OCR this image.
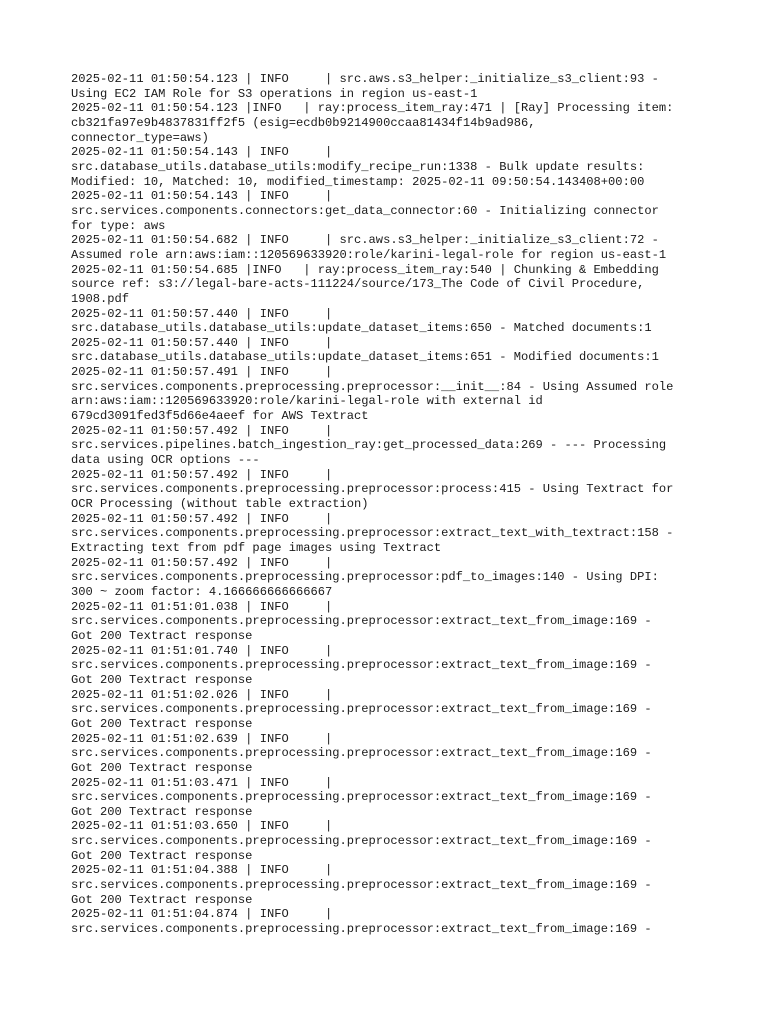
2025-02-11 01:50:54.123 | INFO     | src.aws.s3_helper:_initialize_s3_client:93 -
Using EC2 IAM Role for S3 operations in region us-east-1
2025-02-11 01:50:54.123 |INFO   | ray:process_item_ray:471 | [Ray] Processing item:
cb321fa97e9b4837831ff2f5 (esig=ecdb0b9214900ccaa81434f14b9ad986,
connector_type=aws)
2025-02-11 01:50:54.143 | INFO     |
src.database_utils.database_utils:modify_recipe_run:1338 - Bulk update results:
Modified: 10, Matched: 10, modified_timestamp: 2025-02-11 09:50:54.143408+00:00
2025-02-11 01:50:54.143 | INFO     |
src.services.components.connectors:get_data_connector:60 - Initializing connector
for type: aws
2025-02-11 01:50:54.682 | INFO     | src.aws.s3_helper:_initialize_s3_client:72 -
Assumed role arn:aws:iam::120569633920:role/karini-legal-role for region us-east-1
2025-02-11 01:50:54.685 |INFO   | ray:process_item_ray:540 | Chunking & Embedding
source ref: s3://legal-bare-acts-111224/source/173_The Code of Civil Procedure,
1908.pdf
2025-02-11 01:50:57.440 | INFO     |
src.database_utils.database_utils:update_dataset_items:650 - Matched documents:1
2025-02-11 01:50:57.440 | INFO     |
src.database_utils.database_utils:update_dataset_items:651 - Modified documents:1
2025-02-11 01:50:57.491 | INFO     |
src.services.components.preprocessing.preprocessor:__init__:84 - Using Assumed role
arn:aws:iam::120569633920:role/karini-legal-role with external id
679cd3091fed3f5d66e4aeef for AWS Textract
2025-02-11 01:50:57.492 | INFO     |
src.services.pipelines.batch_ingestion_ray:get_processed_data:269 - --- Processing
data using OCR options ---
2025-02-11 01:50:57.492 | INFO     |
src.services.components.preprocessing.preprocessor:process:415 - Using Textract for
OCR Processing (without table extraction)
2025-02-11 01:50:57.492 | INFO     |
src.services.components.preprocessing.preprocessor:extract_text_with_textract:158 -
Extracting text from pdf page images using Textract
2025-02-11 01:50:57.492 | INFO     |
src.services.components.preprocessing.preprocessor:pdf_to_images:140 - Using DPI:
300 ~ zoom factor: 4.166666666666667
2025-02-11 01:51:01.038 | INFO     |
src.services.components.preprocessing.preprocessor:extract_text_from_image:169 -
Got 200 Textract response
2025-02-11 01:51:01.740 | INFO     |
src.services.components.preprocessing.preprocessor:extract_text_from_image:169 -
Got 200 Textract response
2025-02-11 01:51:02.026 | INFO     |
src.services.components.preprocessing.preprocessor:extract_text_from_image:169 -
Got 200 Textract response
2025-02-11 01:51:02.639 | INFO     |
src.services.components.preprocessing.preprocessor:extract_text_from_image:169 -
Got 200 Textract response
2025-02-11 01:51:03.471 | INFO     |
src.services.components.preprocessing.preprocessor:extract_text_from_image:169 -
Got 200 Textract response
2025-02-11 01:51:03.650 | INFO     |
src.services.components.preprocessing.preprocessor:extract_text_from_image:169 -
Got 200 Textract response
2025-02-11 01:51:04.388 | INFO     |
src.services.components.preprocessing.preprocessor:extract_text_from_image:169 -
Got 200 Textract response
2025-02-11 01:51:04.874 | INFO     |
src.services.components.preprocessing.preprocessor:extract_text_from_image:169 -
